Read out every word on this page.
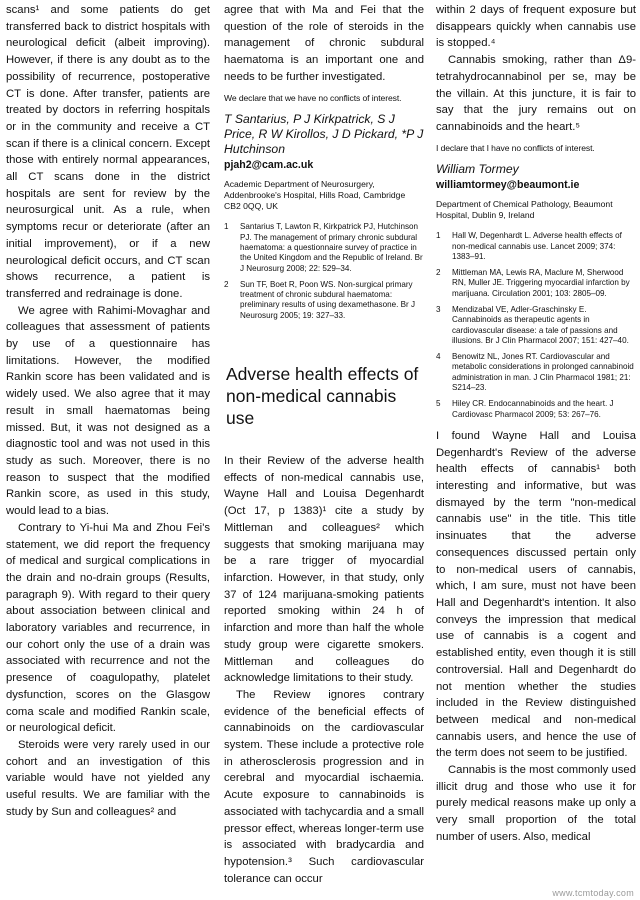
scans¹ and some patients do get transferred back to district hospitals with neurological deficit (albeit improving). However, if there is any doubt as to the possibility of recurrence, postoperative CT is done. After transfer, patients are treated by doctors in referring hospitals or in the community and receive a CT scan if there is a clinical concern. Except those with entirely normal appearances, all CT scans done in the district hospitals are sent for review by the neurosurgical unit. As a rule, when symptoms recur or deteriorate (after an initial improvement), or if a new neurological deficit occurs, and CT scan shows recurrence, a patient is transferred and redrainage is done.

We agree with Rahimi-Movaghar and colleagues that assessment of patients by use of a questionnaire has limitations. However, the modified Rankin score has been validated and is widely used. We also agree that it may result in small haematomas being missed. But, it was not designed as a diagnostic tool and was not used in this study as such. Moreover, there is no reason to suspect that the modified Rankin score, as used in this study, would lead to a bias.

Contrary to Yi-hui Ma and Zhou Fei's statement, we did report the frequency of medical and surgical complications in the drain and no-drain groups (Results, paragraph 9). With regard to their query about association between clinical and laboratory variables and recurrence, in our cohort only the use of a drain was associated with recurrence and not the presence of coagulopathy, platelet dysfunction, scores on the Glasgow coma scale and modified Rankin scale, or neurological deficit.

Steroids were very rarely used in our cohort and an investigation of this variable would have not yielded any useful results. We are familiar with the study by Sun and colleagues² and

agree that with Ma and Fei that the question of the role of steroids in the management of chronic subdural haematoma is an important one and needs to be further investigated.

We declare that we have no conflicts of interest.

T Santarius, P J Kirkpatrick, S J Price, R W Kirollos, J D Pickard, *P J Hutchinson

pjah2@cam.ac.uk

Academic Department of Neurosurgery, Addenbrooke's Hospital, Hills Road, Cambridge CB2 0QQ, UK

1	Santarius T, Lawton R, Kirkpatrick PJ, Hutchinson PJ. The management of primary chronic subdural haematoma: a questionnaire survey of practice in the United Kingdom and the Republic of Ireland. Br J Neurosurg 2008; 22: 529–34.
2	Sun TF, Boet R, Poon WS. Non-surgical primary treatment of chronic subdural haematoma: preliminary results of using dexamethasone. Br J Neurosurg 2005; 19: 327–33.
Adverse health effects of non-medical cannabis use

In their Review of the adverse health effects of non-medical cannabis use, Wayne Hall and Louisa Degenhardt (Oct 17, p 1383)¹ cite a study by Mittleman and colleagues² which suggests that smoking marijuana may be a rare trigger of myocardial infarction. However, in that study, only 37 of 124 marijuana-smoking patients reported smoking within 24 h of infarction and more than half the whole study group were cigarette smokers. Mittleman and colleagues do acknowledge limitations to their study.

The Review ignores contrary evidence of the beneficial effects of cannabinoids on the cardiovascular system. These include a protective role in atherosclerosis progression and in cerebral and myocardial ischaemia. Acute exposure to cannabinoids is associated with tachycardia and a small pressor effect, whereas longer-term use is associated with bradycardia and hypotension.³ Such cardiovascular tolerance can occur

within 2 days of frequent exposure but disappears quickly when cannabis use is stopped.⁴

Cannabis smoking, rather than Δ9-tetrahydrocannabinol per se, may be the villain. At this juncture, it is fair to say that the jury remains out on cannabinoids and the heart.⁵

I declare that I have no conflicts of interest.

William Tormey

williamtormey@beaumont.ie

Department of Chemical Pathology, Beaumont Hospital, Dublin 9, Ireland

1	Hall W, Degenhardt L. Adverse health effects of non-medical cannabis use. Lancet 2009; 374: 1383–91.
2	Mittleman MA, Lewis RA, Maclure M, Sherwood RN, Muller JE. Triggering myocardial infarction by marijuana. Circulation 2001; 103: 2805–09.
3	Mendizabal VE, Adler-Graschinsky E. Cannabinoids as therapeutic agents in cardiovascular disease: a tale of passions and illusions. Br J Clin Pharmacol 2007; 151: 427–40.
4	Benowitz NL, Jones RT. Cardiovascular and metabolic considerations in prolonged cannabinoid administration in man. J Clin Pharmacol 1981; 21: S214–23.
5	Hiley CR. Endocannabinoids and the heart. J Cardiovasc Pharmacol 2009; 53: 267–76.

I found Wayne Hall and Louisa Degenhardt's Review of the adverse health effects of cannabis¹ both interesting and informative, but was dismayed by the term "non-medical cannabis use" in the title. This title insinuates that the adverse consequences discussed pertain only to non-medical users of cannabis, which, I am sure, must not have been Hall and Degenhardt's intention. It also conveys the impression that medical use of cannabis is a cogent and established entity, even though it is still controversial. Hall and Degenhardt do not mention whether the studies included in the Review distinguished between medical and non-medical cannabis users, and hence the use of the term does not seem to be justified.

Cannabis is the most commonly used illicit drug and those who use it for purely medical reasons make up only a very small proportion of the total number of users. Also, medical

www.tcmtoday.com
